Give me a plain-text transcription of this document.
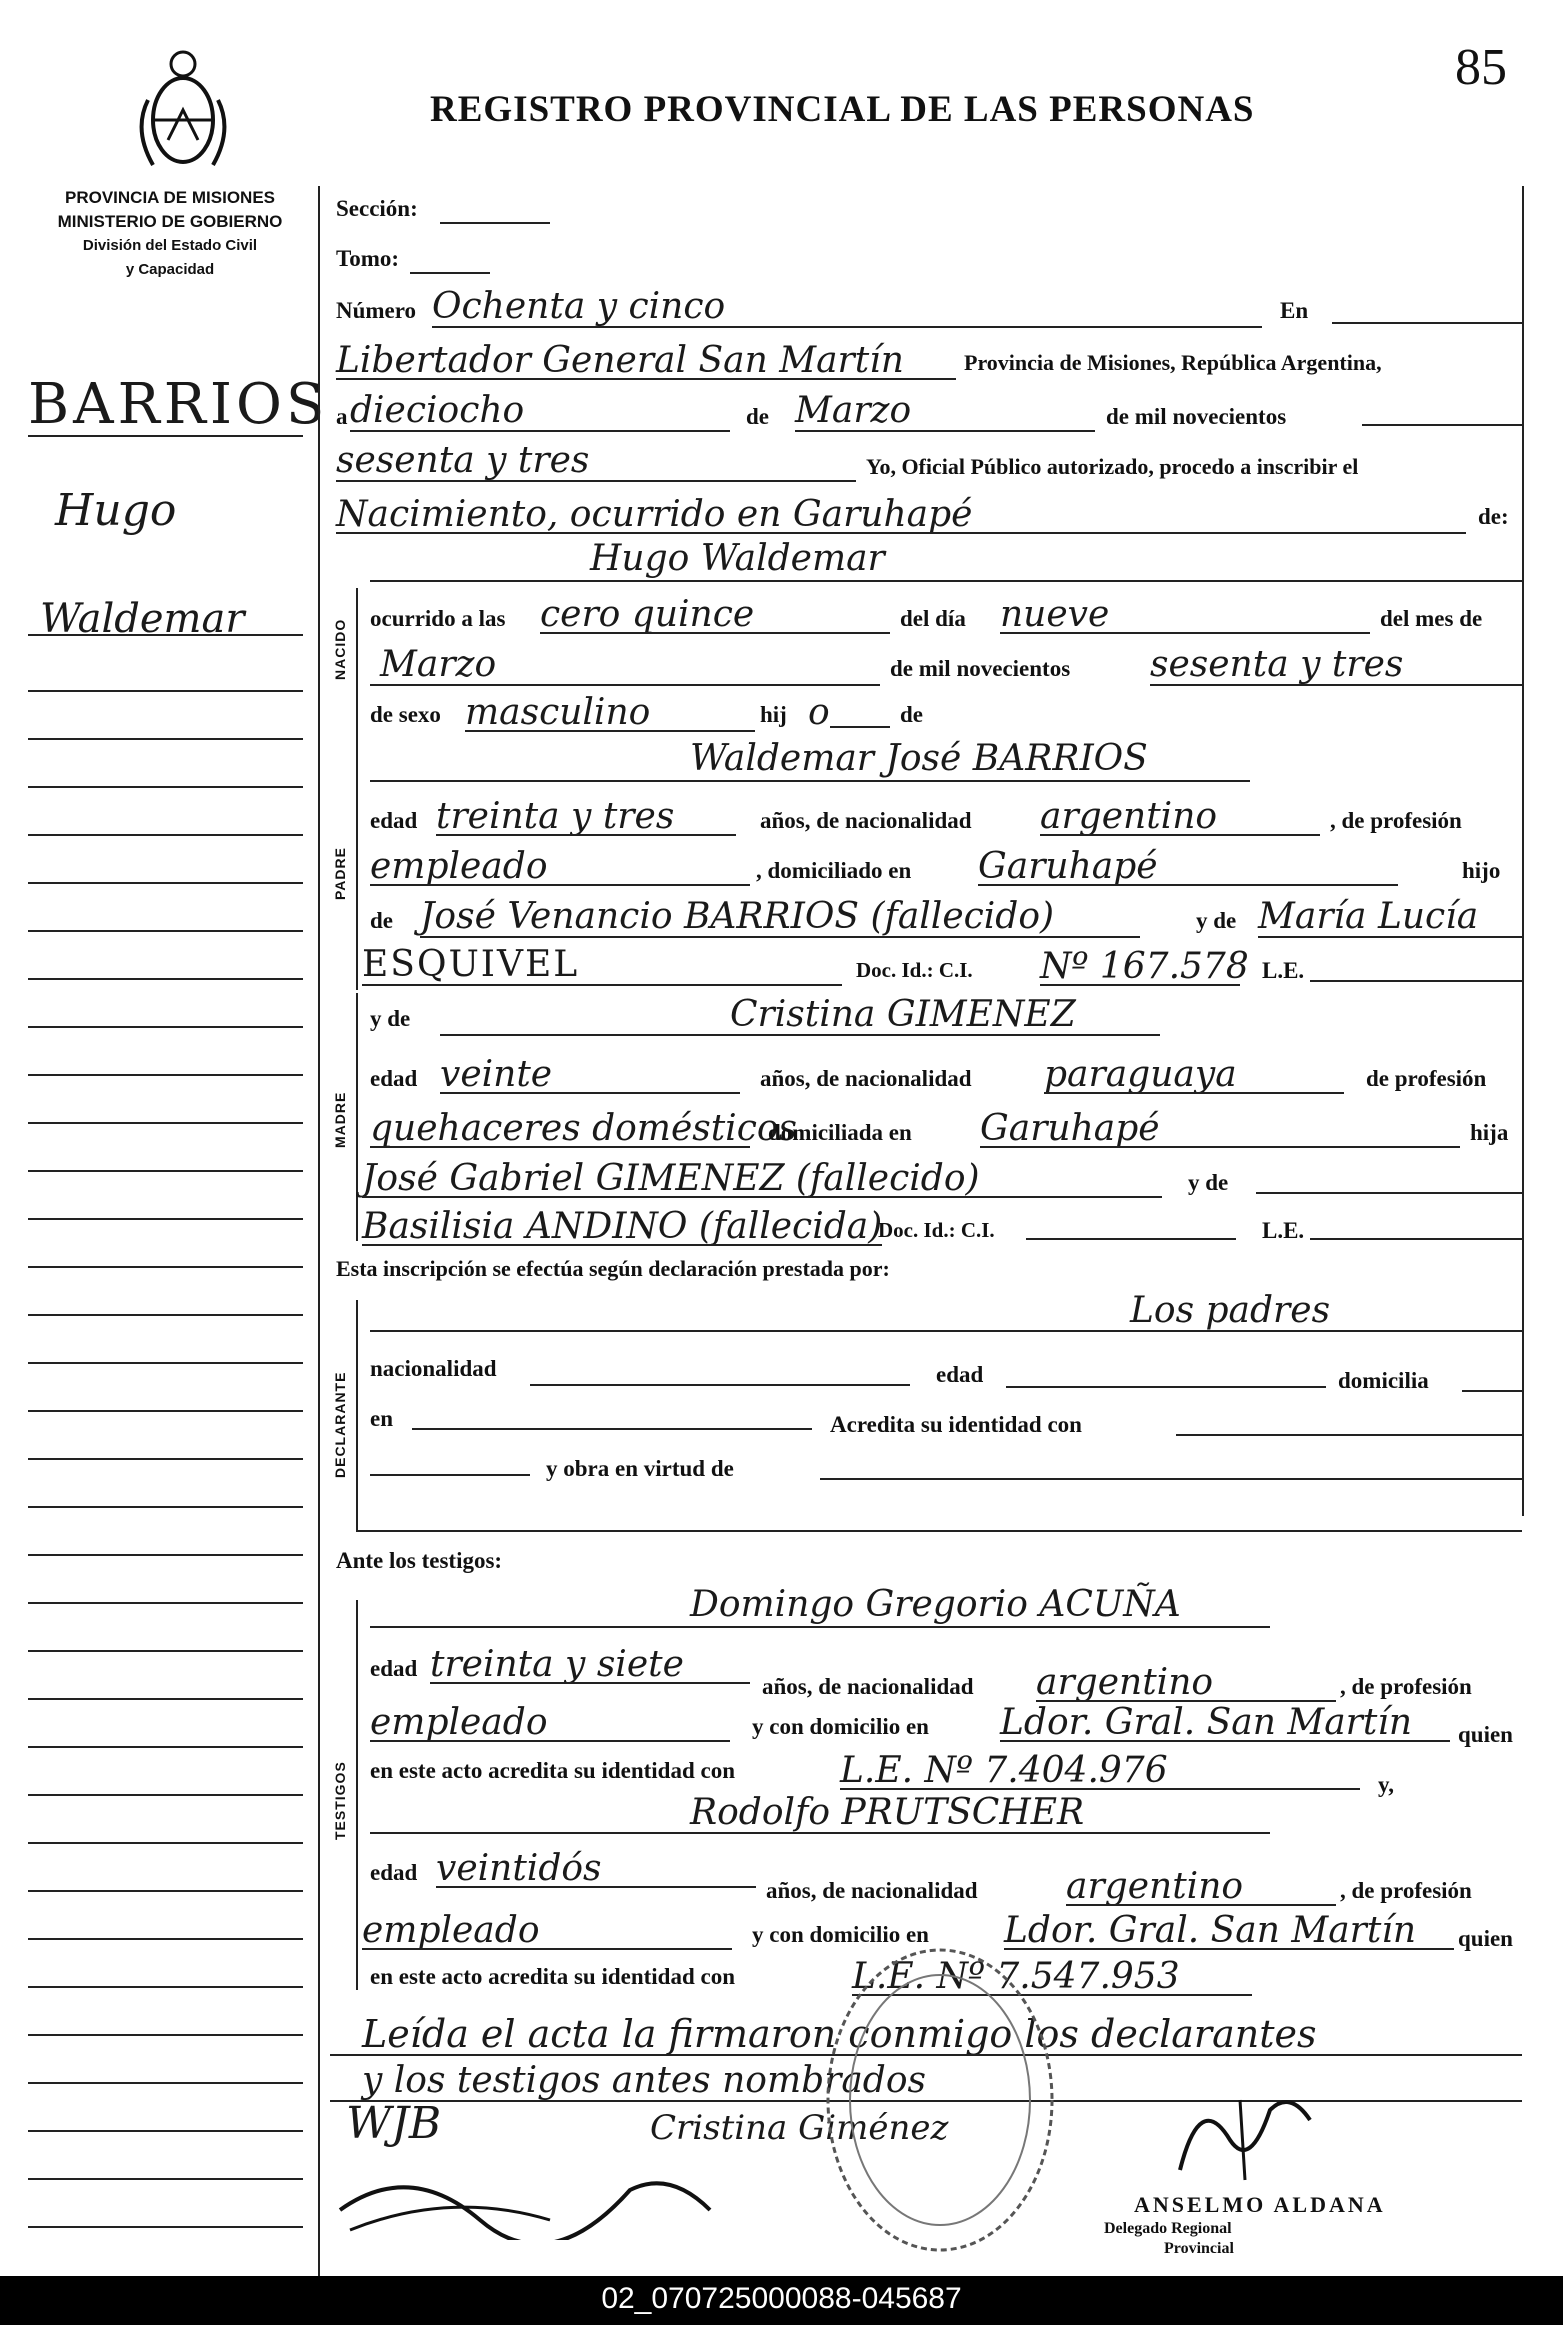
85
REGISTRO PROVINCIAL DE LAS PERSONAS
PROVINCIA DE MISIONES
MINISTERIO DE GOBIERNO
División del Estado Civil
y Capacidad
BARRIOS
Hugo
Waldemar	NACIDO
PADRE
MADRE
DECLARANTE
TESTIGOS
Sección:
Tomo:
Número Ochenta y cinco	En
Libertador General San Martín	Provincia de Misiones, República Argentina,
a dieciocho	de Marzo	de mil novecientos
sesenta y tres	Yo, Oficial Público autorizado, procedo a inscribir el
Nacimiento, ocurrido en Garuhapé	de:
Hugo Waldemar
ocurrido a las cero quince	del día nueve	del mes de
Marzo	de mil novecientos sesenta y tres
de sexo masculino	hij o	de
Waldemar José BARRIOS
edad treinta y tres	años, de nacionalidad argentino	, de profesión
empleado	, domiciliado en Garuhapé	hijo
de José Venancio BARRIOS (fallecido)	y de María Lucía
ESQUIVEL	Doc. Id.: C.I. Nº 167.578 L.E.
y de	Cristina GIMENEZ
edad veinte	años, de nacionalidad paraguaya	de profesión
quehaceres domésticos
domiciliada en Garuhapé	hija
José Gabriel GIMENEZ (fallecido)	y de
Basilisia ANDINO (fallecida)
Doc. Id.: C.I.	L.E.
Esta inscripción se efectúa según declaración prestada por:
Los padres
nacionalidad	edad	domicilia
en	Acredita su identidad con
y obra en virtud de
Ante los testigos:
Domingo Gregorio ACUÑA
edad treinta y siete
años, de nacionalidad argentino	, de profesión
empleado	y con domicilio en Ldor. Gral. San Martín quien
en este acto acredita su identidad con	L.E. Nº 7.404.976	y,
Rodolfo PRUTSCHER
edad veintidós
años, de nacionalidad argentino	, de profesión
empleado	y con domicilio en Ldor. Gral. San Martín quien
en este acto acredita su identidad con	L.E. Nº 7.547.953
Leída el acta la firmaron conmigo los declarantes
y los testigos antes nombrados
WJB	Cristina Giménez
ANSELMO ALDANA
Delegado Regional
Provincial
02_070725000088-045687
